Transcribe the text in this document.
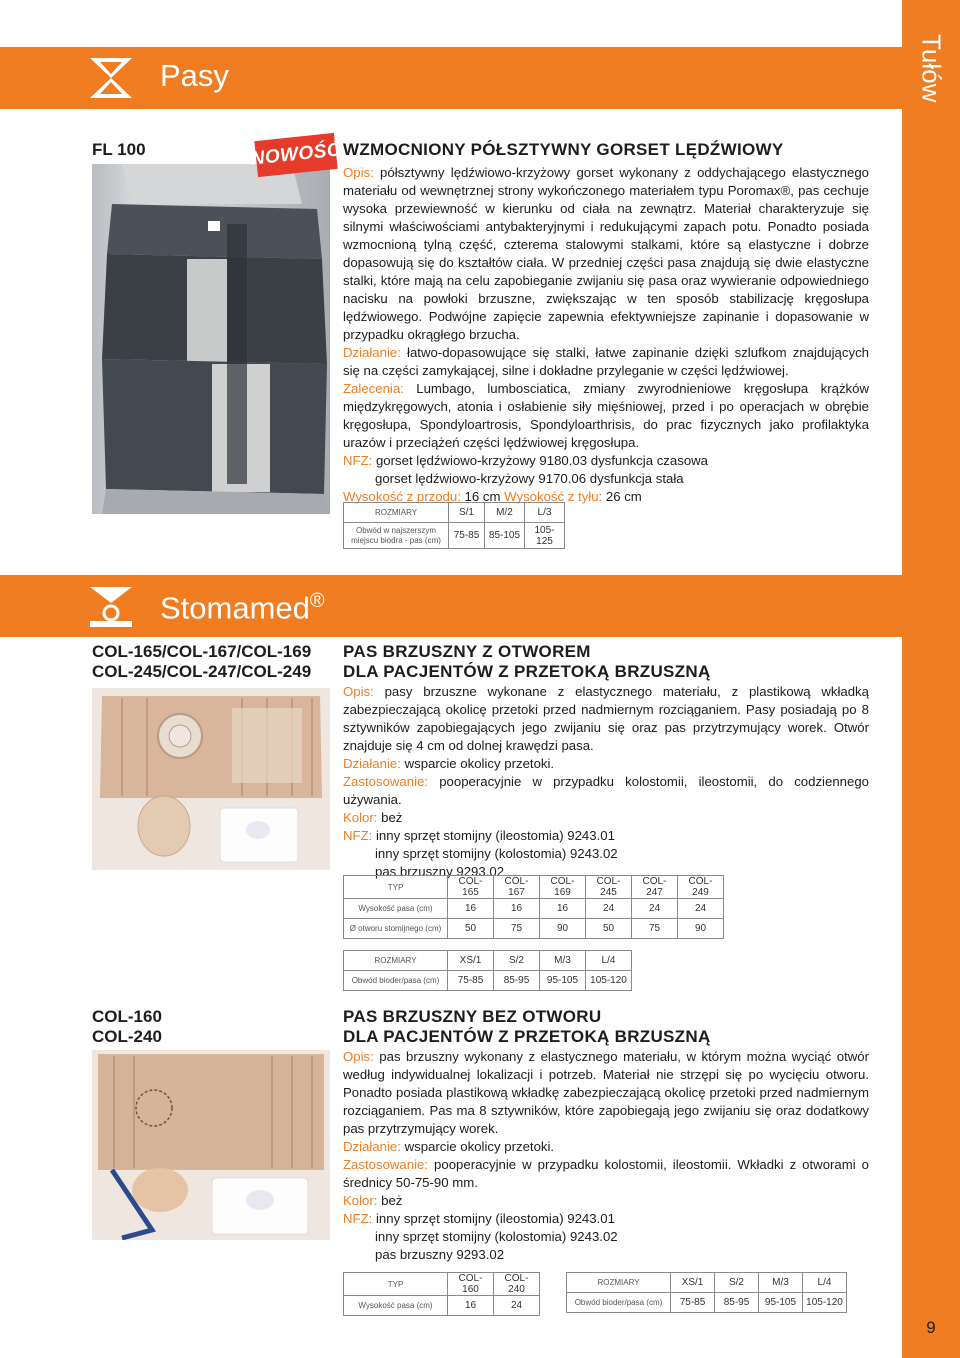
Tułów
9
Pasy
FL 100	NOWOŚĆ WZMOCNIONY PÓŁSZTYWNY GORSET LĘDŹWIOWY
Opis: półsztywny lędźwiowo-krzyżowy gorset wykonany z oddychającego elastycznego materiału od wewnętrznej strony wykończonego materiałem typu Poromax®, pas cechuje wysoka przewiewność w kierunku od ciała na zewnątrz. Materiał charakteryzuje się silnymi właściwościami antybakteryjnymi i redukującymi zapach potu. Ponadto posiada wzmocnioną tylną część, czterema stalowymi stalkami, które są elastyczne i dobrze dopasowują się do kształtów ciała. W przedniej części pasa znajdują się dwie elastyczne stalki, które mają na celu zapobieganie zwijaniu się pasa oraz wywieranie odpowiedniego nacisku na powłoki brzuszne, zwiększając w ten sposób stabilizację kręgosłupa lędźwiowego. Podwójne zapięcie zapewnia efektywniejsze zapinanie i dopasowanie w przypadku okrągłego brzucha.
Działanie: łatwo-dopasowujące się stalki, łatwe zapinanie dzięki szlufkom znajdujących się na części zamykającej, silne i dokładne przyleganie w części lędźwiowej.
Zalecenia: Lumbago, lumbosciatica, zmiany zwyrodnieniowe kręgosłupa krążków międzykręgowych, atonia i osłabienie siły mięśniowej, przed i po operacjach w obrębie kręgosłupa, Spondyloartrosis, Spondyloarthrisis, do prac fizycznych jako profilaktyka urazów i przeciążeń części lędźwiowej kręgosłupa.
NFZ: gorset lędźwiowo-krzyżowy 9180.03 dysfunkcja czasowa
gorset lędźwiowo-krzyżowy 9170.06 dysfunkcja stała
Wysokość z przodu: 16 cm Wysokość z tyłu: 26 cm
ROZMIARY	S/1	M/2	L/3
Obwód w najszerszym miejscu biodra - pas (cm)	75-85	85-105	105-125
Stomamed®
COL-165/COL-167/COL-169
COL-245/COL-247/COL-249
PAS BRZUSZNY Z OTWOREM
DLA PACJENTÓW Z PRZETOKĄ BRZUSZNĄ
Opis: pasy brzuszne wykonane z elastycznego materiału, z plastikową wkładką zabezpieczającą okolicę przetoki przed nadmiernym rozciąganiem. Pasy posiadają po 8 sztywników zapobiegających jego zwijaniu się oraz pas przytrzymujący worek. Otwór znajduje się 4 cm od dolnej krawędzi pasa.
Działanie: wsparcie okolicy przetoki.
Zastosowanie: pooperacyjnie w przypadku kolostomii, ileostomii, do codziennego używania.
Kolor: beż
NFZ: inny sprzęt stomijny (ileostomia) 9243.01
inny sprzęt stomijny (kolostomia) 9243.02
pas brzuszny 9293.02
TYP	COL-165	COL-167	COL-169	COL-245	COL-247	COL-249
Wysokość pasa (cm)	16	16	16	24	24	24
Ø otworu stomijnego (cm)	50	75	90	50	75	90
ROZMIARY	XS/1	S/2	M/3	L/4
Obwód bioder/pasa (cm)	75-85	85-95	95-105	105-120
COL-160
COL-240
PAS BRZUSZNY BEZ OTWORU
DLA PACJENTÓW Z PRZETOKĄ BRZUSZNĄ
Opis: pas brzuszny wykonany z elastycznego materiału, w którym można wyciąć otwór według indywidualnej lokalizacji i potrzeb. Materiał nie strzępi się po wycięciu otworu. Ponadto posiada plastikową wkładkę zabezpieczającą okolicę przetoki przed nadmiernym rozciąganiem. Pas ma 8 sztywników, które zapobiegają jego zwijaniu się oraz dodatkowy pas przytrzymujący worek.
Działanie: wsparcie okolicy przetoki.
Zastosowanie: pooperacyjnie w przypadku kolostomii, ileostomii. Wkładki z otworami o średnicy 50-75-90 mm.
Kolor: beż
NFZ: inny sprzęt stomijny (ileostomia) 9243.01
inny sprzęt stomijny (kolostomia) 9243.02
pas brzuszny 9293.02
TYP	COL-160	COL-240
Wysokość pasa (cm)	16	24
ROZMIARY	XS/1	S/2	M/3	L/4
Obwód bioder/pasa (cm)	75-85	85-95	95-105	105-120
